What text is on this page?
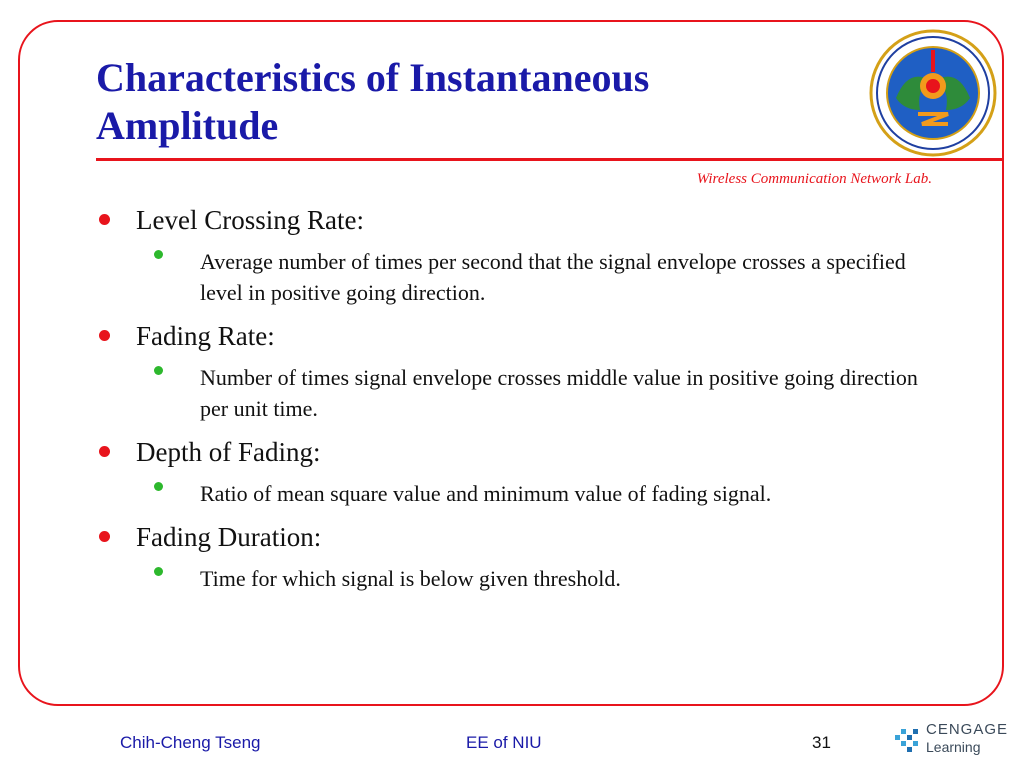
Characteristics of Instantaneous
Amplitude
Wireless Communication Network Lab.
Level Crossing Rate:
Average number of times per second that the signal envelope crosses a specified level in positive going direction.
Fading Rate:
Number of times signal envelope crosses middle value in positive going direction per unit time.
Depth of Fading:
Ratio of mean square value and minimum value of fading signal.
Fading Duration:
Time for which signal is below given threshold.
Chih-Cheng Tseng	EE of NIU	31
CENGAGE
Learning
